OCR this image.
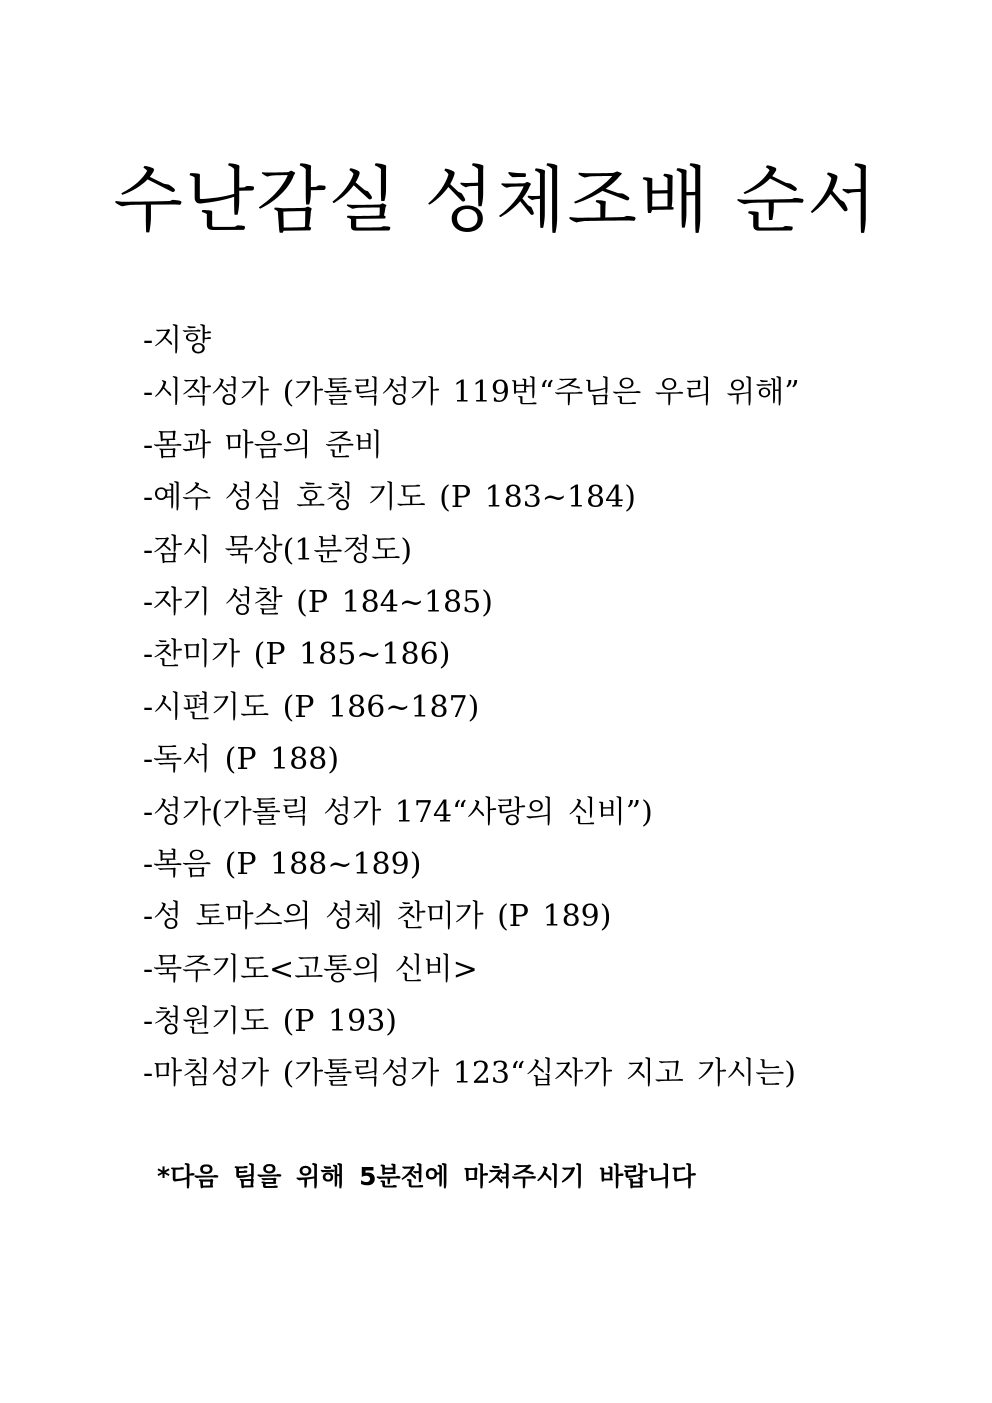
수난감실 성체조배 순서
-지향
-시작성가 (가톨릭성가 119번“주님은 우리 위해”
-몸과 마음의 준비
-예수 성심 호칭 기도 (P 183~184)
-잠시 묵상(1분정도)
-자기 성찰 (P 184~185)
-찬미가 (P 185~186)
-시편기도 (P 186~187)
-독서 (P 188)
-성가(가톨릭 성가 174“사랑의 신비”)
-복음 (P 188~189)
-성 토마스의 성체 찬미가 (P 189)
-묵주기도<고통의 신비>
-청원기도 (P 193)
-마침성가 (가톨릭성가 123“십자가 지고 가시는)
*다음 팀을 위해 5분전에 마쳐주시기 바랍니다
